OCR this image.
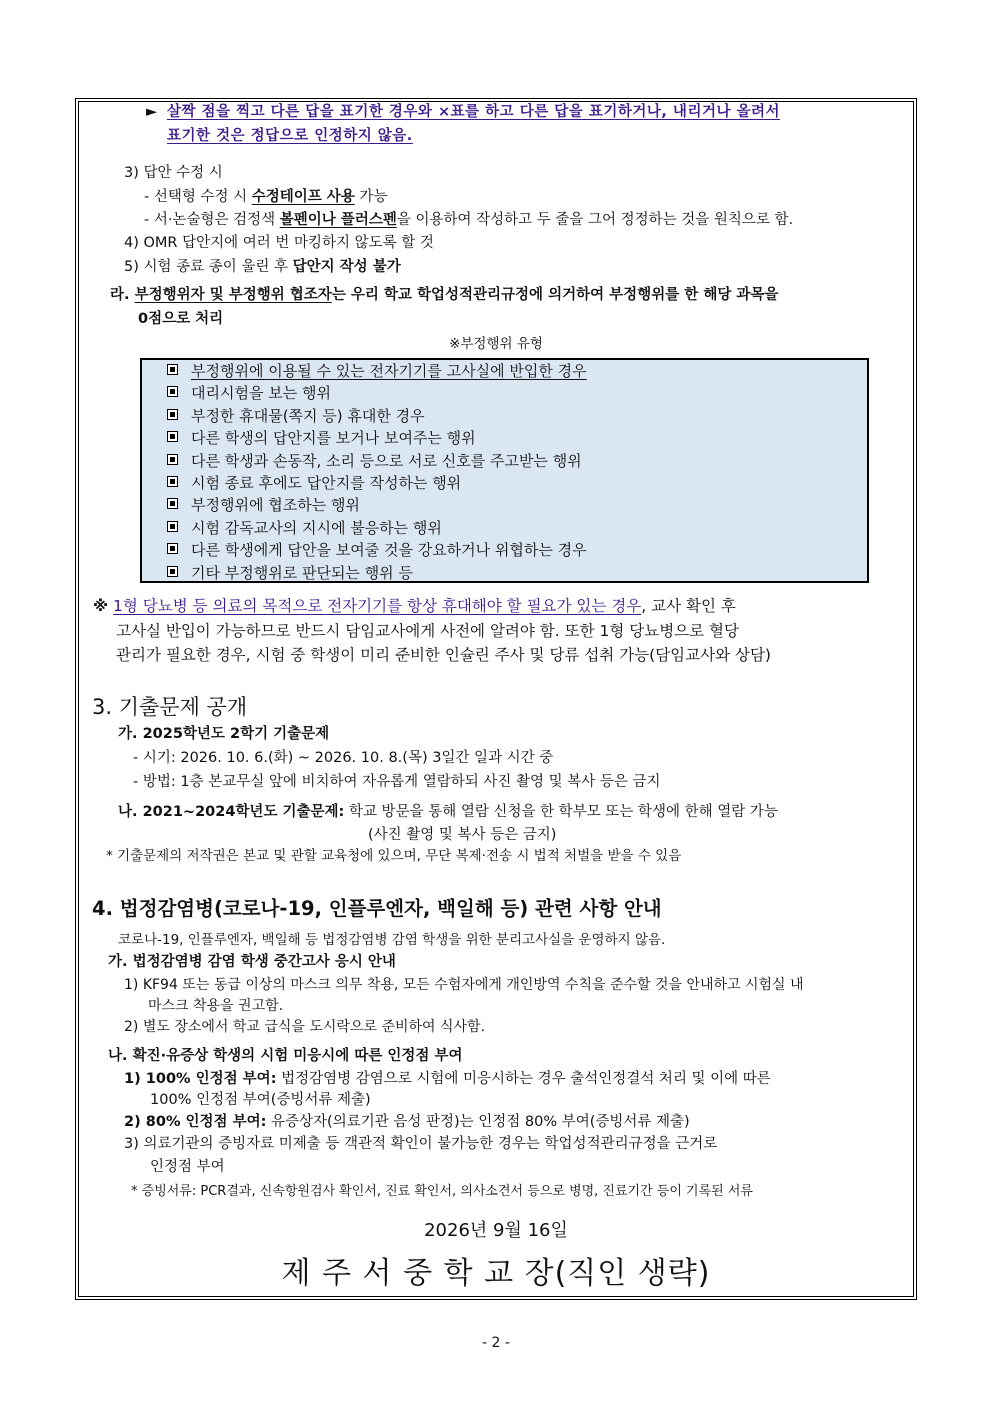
► 살짝 점을 찍고 다른 답을 표기한 경우와 ×표를 하고 다른 답을 표기하거나, 내리거나 올려서
표기한 것은 정답으로 인정하지 않음.
3) 답안 수정 시
- 선택형 수정 시 수정테이프 사용 가능
- 서·논술형은 검정색 볼펜이나 플러스펜을 이용하여 작성하고 두 줄을 그어 정정하는 것을 원칙으로 함.
4) OMR 답안지에 여러 번 마킹하지 않도록 할 것
5) 시험 종료 종이 울린 후 답안지 작성 불가
라. 부정행위자 및 부정행위 협조자는 우리 학교 학업성적관리규정에 의거하여 부정행위를 한 해당 과목을
0점으로 처리
※부정행위 유형
부정행위에 이용될 수 있는 전자기기를 고사실에 반입한 경우
대리시험을 보는 행위
부정한 휴대물(쪽지 등) 휴대한 경우
다른 학생의 답안지를 보거나 보여주는 행위
다른 학생과 손동작, 소리 등으로 서로 신호를 주고받는 행위
시험 종료 후에도 답안지를 작성하는 행위
부정행위에 협조하는 행위
시험 감독교사의 지시에 불응하는 행위
다른 학생에게 답안을 보여줄 것을 강요하거나 위협하는 경우
기타 부정행위로 판단되는 행위 등
※ 1형 당뇨병 등 의료의 목적으로 전자기기를 항상 휴대해야 할 필요가 있는 경우, 교사 확인 후
고사실 반입이 가능하므로 반드시 담임교사에게 사전에 알려야 함. 또한 1형 당뇨병으로 혈당
관리가 필요한 경우, 시험 중 학생이 미리 준비한 인슐린 주사 및 당류 섭취 가능(담임교사와 상담)
3. 기출문제 공개
가. 2025학년도 2학기 기출문제
- 시기: 2026. 10. 6.(화) ~ 2026. 10. 8.(목) 3일간 일과 시간 중
- 방법: 1층 본교무실 앞에 비치하여 자유롭게 열람하되 사진 촬영 및 복사 등은 금지
나. 2021~2024학년도 기출문제: 학교 방문을 통해 열람 신청을 한 학부모 또는 학생에 한해 열람 가능
(사진 촬영 및 복사 등은 금지)
* 기출문제의 저작권은 본교 및 관할 교육청에 있으며, 무단 복제·전송 시 법적 처벌을 받을 수 있음
4. 법정감염병(코로나-19, 인플루엔자, 백일해 등) 관련 사항 안내
코로나-19, 인플루엔자, 백일해 등 법정감염병 감염 학생을 위한 분리고사실을 운영하지 않음.
가. 법정감염병 감염 학생 중간고사 응시 안내
1) KF94 또는 동급 이상의 마스크 의무 착용, 모든 수험자에게 개인방역 수칙을 준수할 것을 안내하고 시험실 내
마스크 착용을 권고함.
2) 별도 장소에서 학교 급식을 도시락으로 준비하여 식사함.
나. 확진·유증상 학생의 시험 미응시에 따른 인정점 부여
1) 100% 인정점 부여: 법정감염병 감염으로 시험에 미응시하는 경우 출석인정결석 처리 및 이에 따른
100% 인정점 부여(증빙서류 제출)
2) 80% 인정점 부여: 유증상자(의료기관 음성 판정)는 인정점 80% 부여(증빙서류 제출)
3) 의료기관의 증빙자료 미제출 등 객관적 확인이 불가능한 경우는 학업성적관리규정을 근거로
인정점 부여
* 증빙서류: PCR결과, 신속항원검사 확인서, 진료 확인서, 의사소견서 등으로 병명, 진료기간 등이 기록된 서류
2026년 9월 16일
제 주 서 중 학 교 장(직인 생략)
- 2 -
